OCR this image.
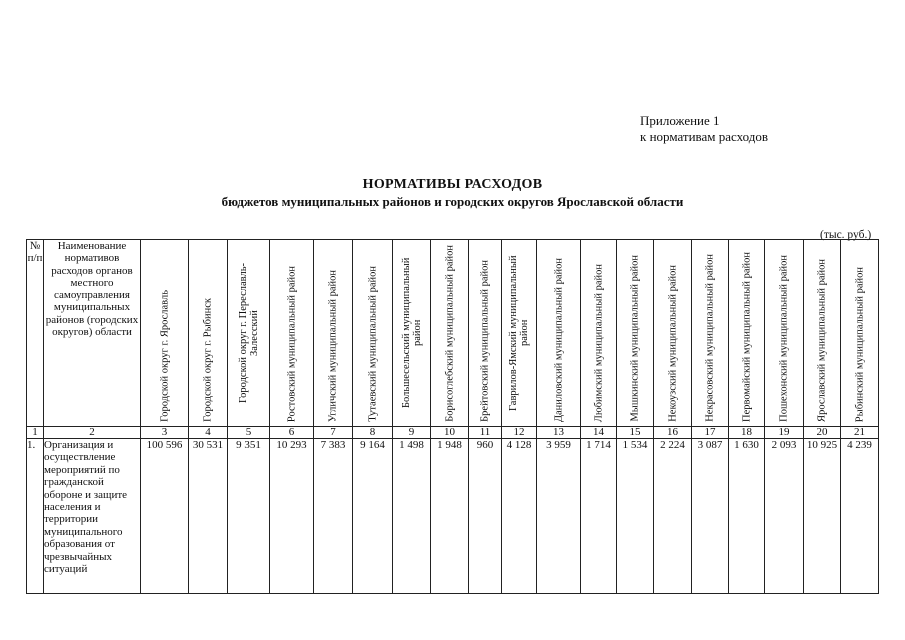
Приложение 1
к нормативам расходов
НОРМАТИВЫ РАСХОДОВ
бюджетов муниципальных районов и городских округов Ярославской области
(тыс. руб.)
№ п/п	Наименование нормативов расходов органов местного самоуправления муниципальных районов (городских округов) области	Городской округ г. Ярославль	Городской округ г. Рыбинск	Городской округ г. Переславль-Залесский	Ростовский муниципальный район	Угличский муниципальный район	Тутаевский муниципальный район	Большесельский муниципальный район	Борисоглебский муниципальный район	Брейтовский муниципальный район	Гаврилов-Ямский муниципальный район	Даниловский муниципальный район	Любимский муниципальный район	Мышкинский муниципальный район	Некоузский муниципальный район	Некрасовский муниципальный район	Первомайский муниципальный район	Пошехонский муниципальный район	Ярославский муниципальный район	Рыбинский муниципальный район

1	2	3	4	5	6	7	8	9	10	11	12	13	14	15	16	17	18	19	20	21
1.	Организация и осуществление мероприятий по гражданской обороне и защите населения и территории муниципального образования от чрезвычайных ситуаций	100 596	30 531	9 351	10 293	7 383	9 164	1 498	1 948	960	4 128	3 959	1 714	1 534	2 224	3 087	1 630	2 093	10 925	4 239
